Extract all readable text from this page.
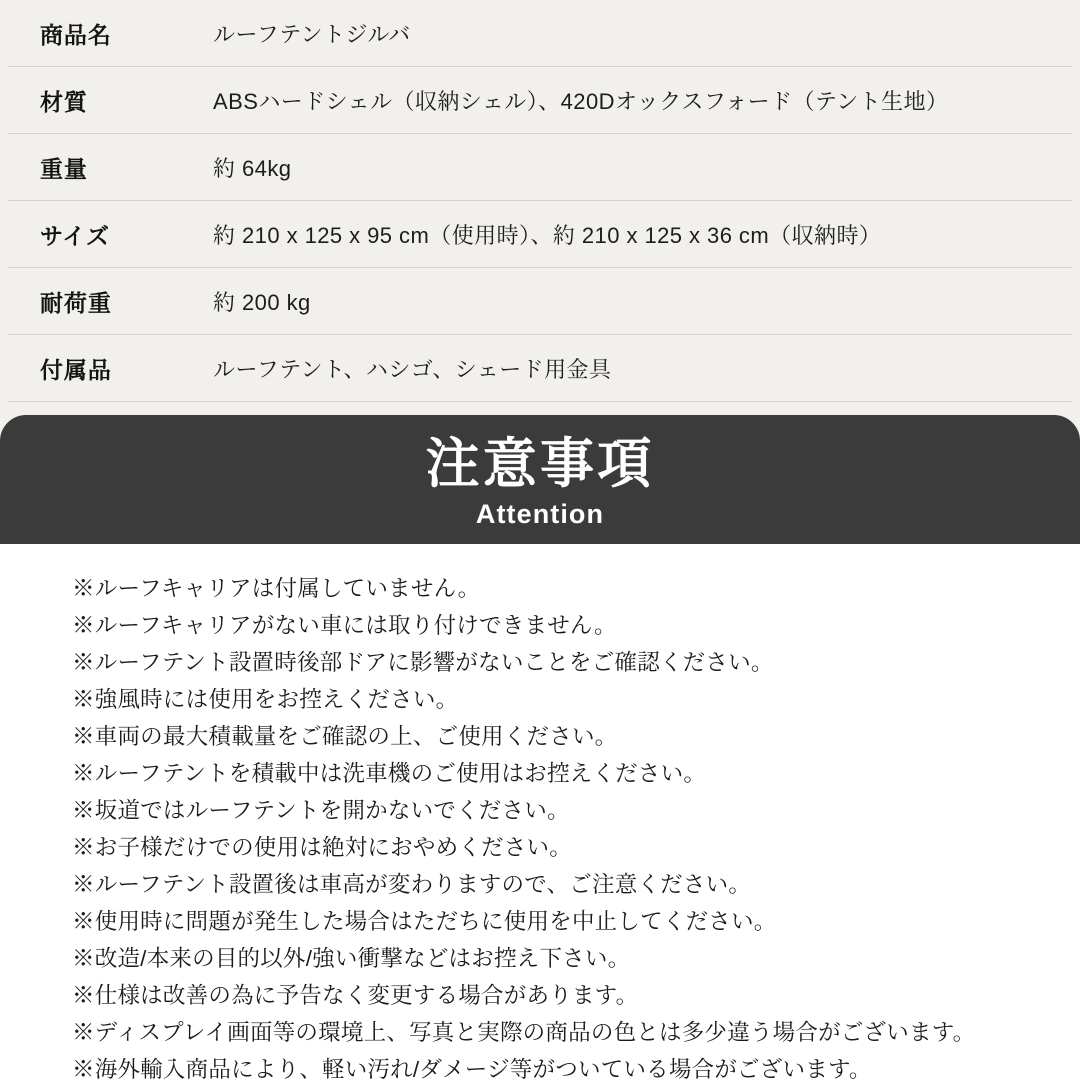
商品名	ルーフテントジルバ
材質	ABSハードシェル（収納シェル）、420Dオックスフォード（テント生地）
重量	約 64kg
サイズ	約 210 x 125 x 95 cm（使用時）、約 210 x 125 x 36 cm（収納時）
耐荷重	約 200 kg
付属品	ルーフテント、ハシゴ、シェード用金具
注意事項
Attention
※ルーフキャリアは付属していません。
※ルーフキャリアがない車には取り付けできません。
※ルーフテント設置時後部ドアに影響がないことをご確認ください。
※強風時には使用をお控えください。
※車両の最大積載量をご確認の上、ご使用ください。
※ルーフテントを積載中は洗車機のご使用はお控えください。
※坂道ではルーフテントを開かないでください。
※お子様だけでの使用は絶対におやめください。
※ルーフテント設置後は車高が変わりますので、ご注意ください。
※使用時に問題が発生した場合はただちに使用を中止してください。
※改造/本来の目的以外/強い衝撃などはお控え下さい。
※仕様は改善の為に予告なく変更する場合があります。
※ディスプレイ画面等の環境上、写真と実際の商品の色とは多少違う場合がございます。
※海外輸入商品により、軽い汚れ/ダメージ等がついている場合がございます。
